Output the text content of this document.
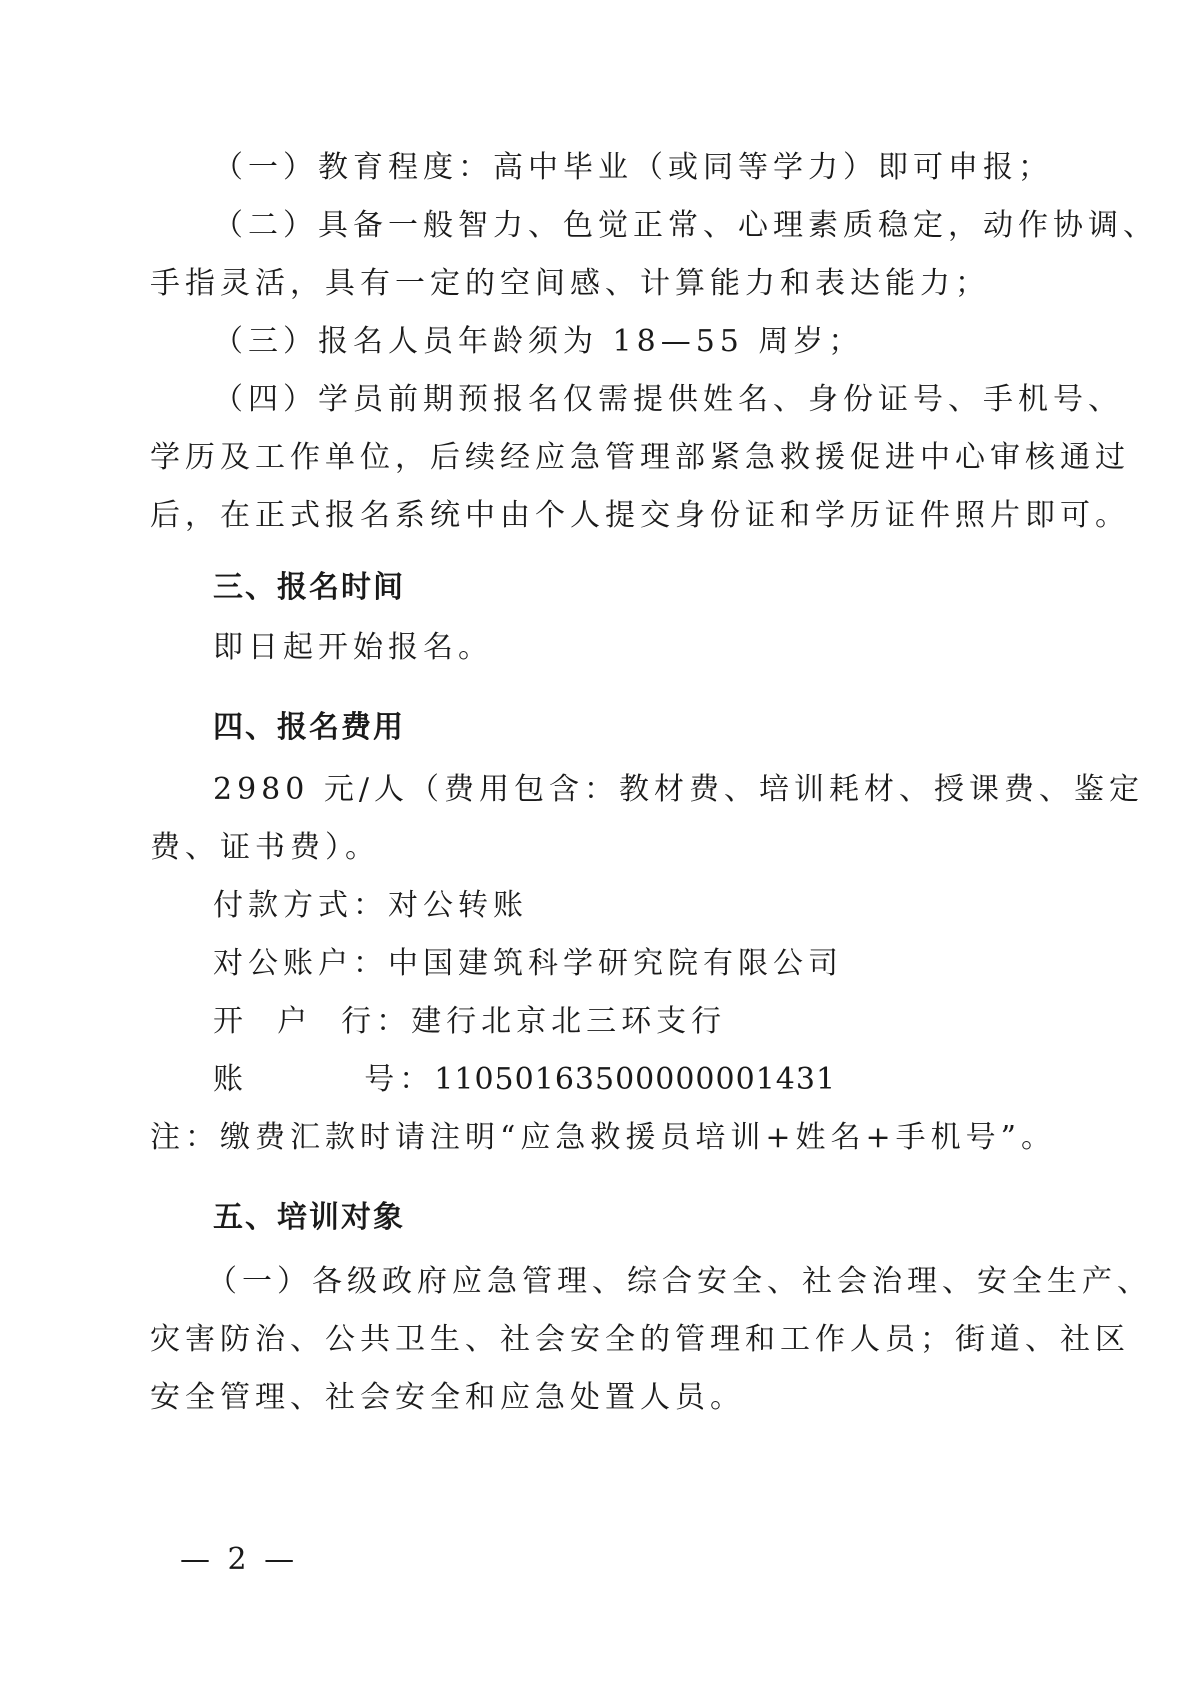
（一）教育程度：高中毕业（或同等学力）即可申报；
（二）具备一般智力、色觉正常、心理素质稳定，动作协调、
手指灵活，具有一定的空间感、计算能力和表达能力；
（三）报名人员年龄须为 18—55 周岁；
（四）学员前期预报名仅需提供姓名、身份证号、手机号、
学历及工作单位，后续经应急管理部紧急救援促进中心审核通过
后，在正式报名系统中由个人提交身份证和学历证件照片即可。
三、报名时间
即日起开始报名。
四、报名费用
2980 元/人（费用包含：教材费、培训耗材、授课费、鉴定
费、证书费）。
付款方式：对公转账
对公账户：中国建筑科学研究院有限公司
开  户  行：建行北京北三环支行
账        号：11050163500000001431
注：缴费汇款时请注明“应急救援员培训+姓名+手机号”。
五、培训对象
（一）各级政府应急管理、综合安全、社会治理、安全生产、
灾害防治、公共卫生、社会安全的管理和工作人员；街道、社区
安全管理、社会安全和应急处置人员。
— 2 —
